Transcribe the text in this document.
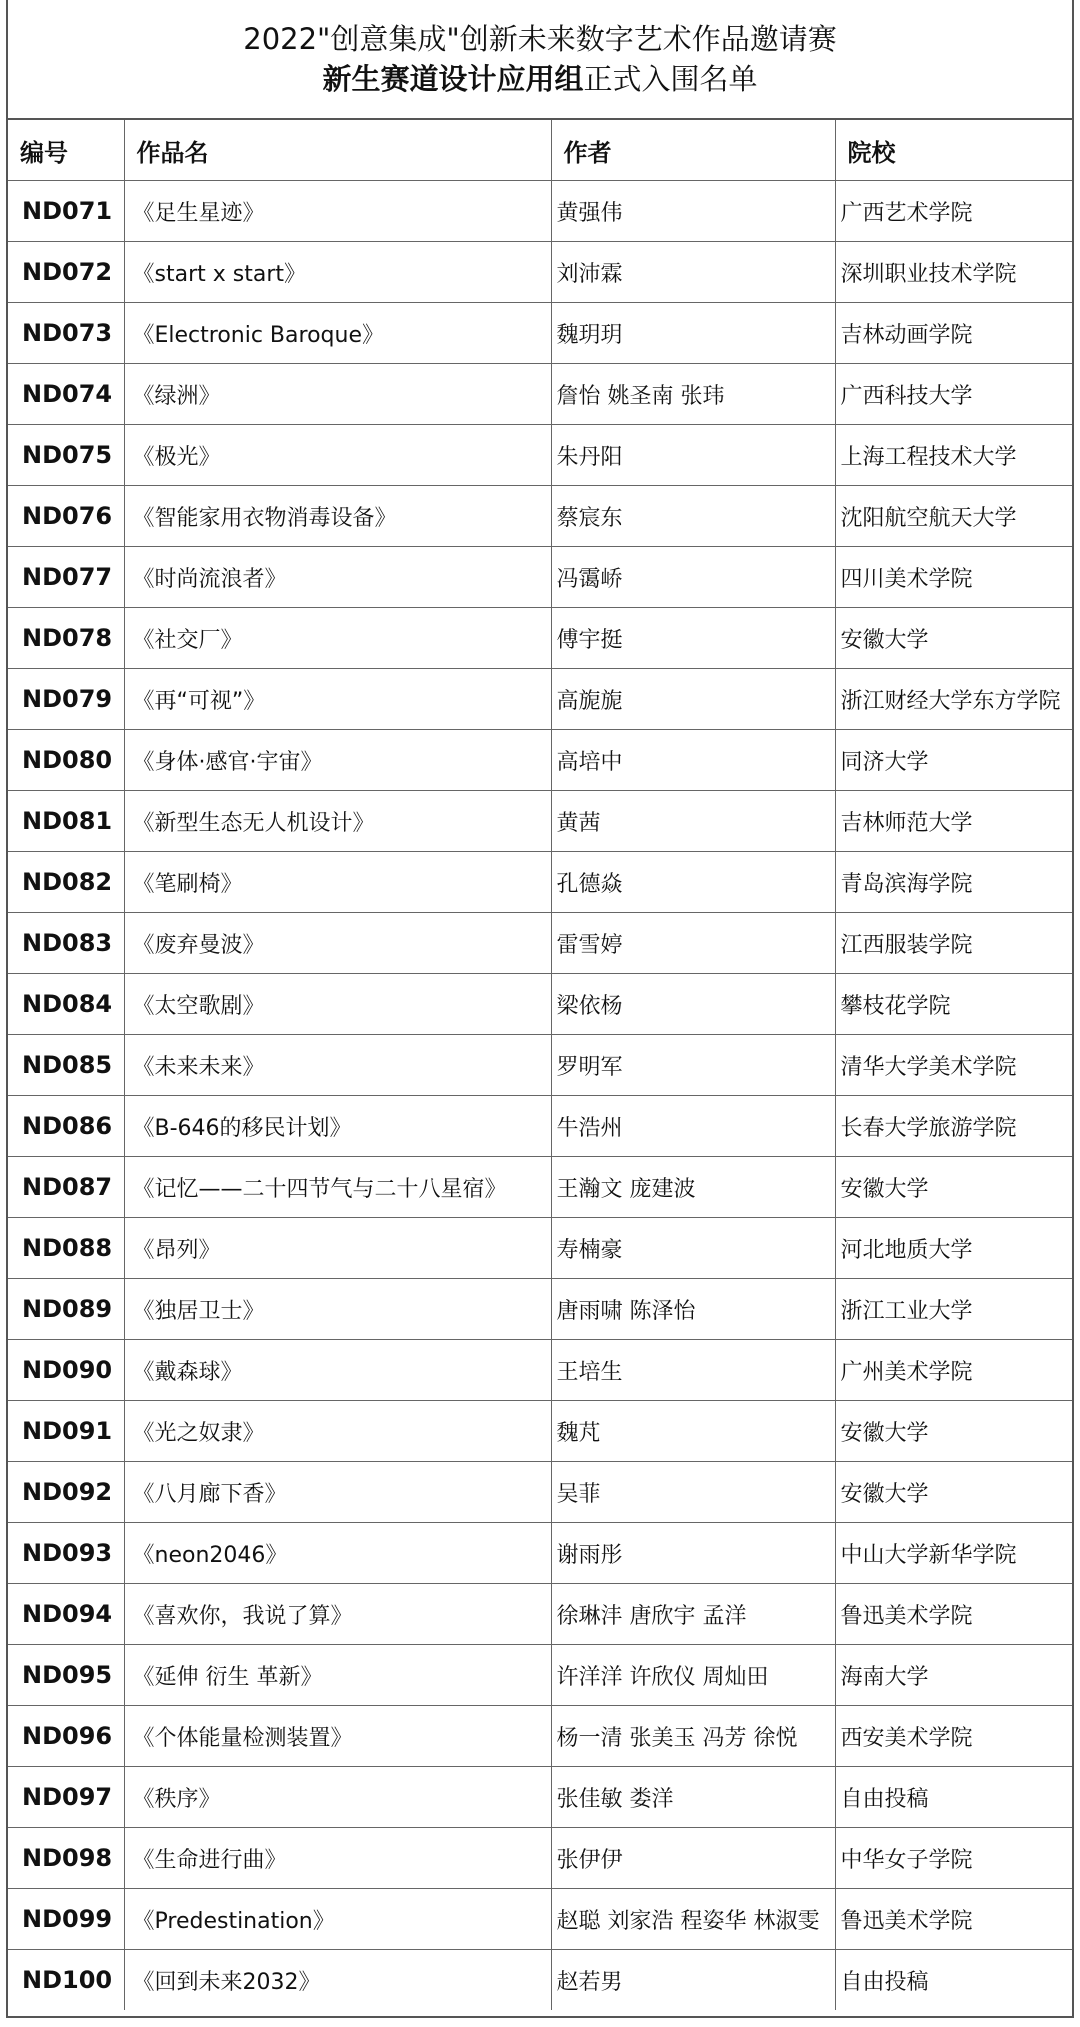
2022"创意集成"创新未来数字艺术作品邀请赛
新生赛道设计应用组正式入围名单
编号	作品名	作者	院校
ND071	《足生星迹》	黄强伟	广西艺术学院
ND072	《start x start》	刘沛霖	深圳职业技术学院
ND073	《Electronic Baroque》	魏玥玥	吉林动画学院
ND074	《绿洲》	詹怡 姚圣南 张玮	广西科技大学
ND075	《极光》	朱丹阳	上海工程技术大学
ND076	《智能家用衣物消毒设备》	蔡宸东	沈阳航空航天大学
ND077	《时尚流浪者》	冯霭峤	四川美术学院
ND078	《社交厂》	傅宇挺	安徽大学
ND079	《再“可视”》	高旎旎	浙江财经大学东方学院
ND080	《身体·感官·宇宙》	高培中	同济大学
ND081	《新型生态无人机设计》	黄茜	吉林师范大学
ND082	《笔刷椅》	孔德焱	青岛滨海学院
ND083	《废弃曼波》	雷雪婷	江西服装学院
ND084	《太空歌剧》	梁依杨	攀枝花学院
ND085	《未来未来》	罗明军	清华大学美术学院
ND086	《B-646的移民计划》	牛浩州	长春大学旅游学院
ND087	《记忆——二十四节气与二十八星宿》	王瀚文 庞建波	安徽大学
ND088	《昂列》	寿楠豪	河北地质大学
ND089	《独居卫士》	唐雨啸 陈泽怡	浙江工业大学
ND090	《戴森球》	王培生	广州美术学院
ND091	《光之奴隶》	魏芃	安徽大学
ND092	《八月廊下香》	吴菲	安徽大学
ND093	《neon2046》	谢雨彤	中山大学新华学院
ND094	《喜欢你，我说了算》	徐琳沣 唐欣宇 孟洋	鲁迅美术学院
ND095	《延伸 衍生 革新》	许洋洋 许欣仪 周灿田	海南大学
ND096	《个体能量检测装置》	杨一清 张美玉 冯芳 徐悦	西安美术学院
ND097	《秩序》	张佳敏 娄洋	自由投稿
ND098	《生命进行曲》	张伊伊	中华女子学院
ND099	《Predestination》	赵聪 刘家浩 程姿华 林淑雯	鲁迅美术学院
ND100	《回到未来2032》	赵若男	自由投稿
